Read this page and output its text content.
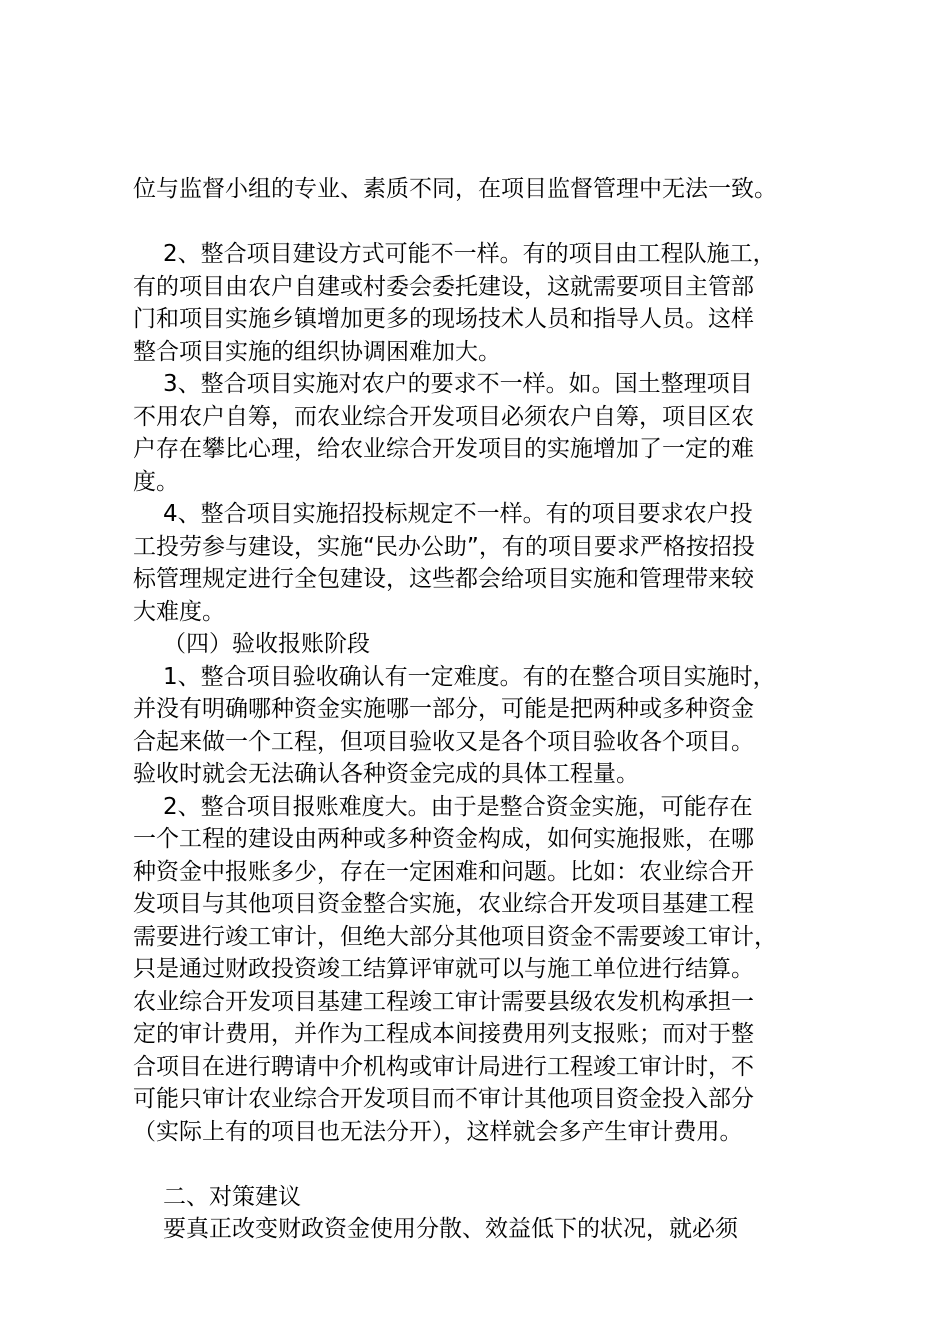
位与监督小组的专业、素质不同，在项目监督管理中无法一致。
2、整合项目建设方式可能不一样。有的项目由工程队施工，
有的项目由农户自建或村委会委托建设，这就需要项目主管部
门和项目实施乡镇增加更多的现场技术人员和指导人员。这样
整合项目实施的组织协调困难加大。
3、整合项目实施对农户的要求不一样。如。国土整理项目
不用农户自筹，而农业综合开发项目必须农户自筹，项目区农
户存在攀比心理，给农业综合开发项目的实施增加了一定的难
度。
4、整合项目实施招投标规定不一样。有的项目要求农户投
工投劳参与建设，实施“民办公助”，有的项目要求严格按招投
标管理规定进行全包建设，这些都会给项目实施和管理带来较
大难度。
（四）验收报账阶段
1、整合项目验收确认有一定难度。有的在整合项目实施时，
并没有明确哪种资金实施哪一部分，可能是把两种或多种资金
合起来做一个工程，但项目验收又是各个项目验收各个项目。
验收时就会无法确认各种资金完成的具体工程量。
2、整合项目报账难度大。由于是整合资金实施，可能存在
一个工程的建设由两种或多种资金构成，如何实施报账，在哪
种资金中报账多少，存在一定困难和问题。比如：农业综合开
发项目与其他项目资金整合实施，农业综合开发项目基建工程
需要进行竣工审计，但绝大部分其他项目资金不需要竣工审计，
只是通过财政投资竣工结算评审就可以与施工单位进行结算。
农业综合开发项目基建工程竣工审计需要县级农发机构承担一
定的审计费用，并作为工程成本间接费用列支报账；而对于整
合项目在进行聘请中介机构或审计局进行工程竣工审计时，不
可能只审计农业综合开发项目而不审计其他项目资金投入部分
（实际上有的项目也无法分开），这样就会多产生审计费用。
二、对策建议
要真正改变财政资金使用分散、效益低下的状况，就必须
